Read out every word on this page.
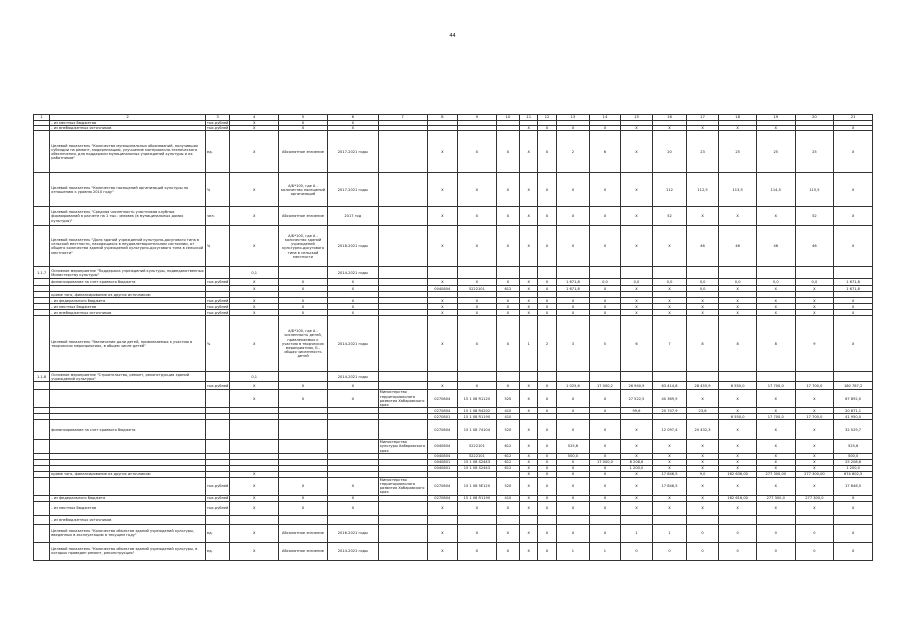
44
1	2	3	4	5	6	7	8	9	10	11	12	13	14	15	16	17	18	19	20	21
	- из местных бюджетов	тыс.рублей	Х	Х	Х															
	- из внебюджетных источников	тыс.рублей	Х	Х	Х					Х	Х	Х	Х	Х	Х	Х	Х	Х		Х
	Целевой показатель "Количество муниципальных образований, получивших субсидии на ремонт, модернизацию, улучшение материально-технического обеспечения, для поддержки муниципальных учреждений культуры и их работников"	ед.	Х	Абсолютное значение	2017-2021 годы		Х	Х	Х	Х	Х	2	6	Х	20	23	25	25	25	Х
	Целевой показатель "Количество посещений организаций культуры по отношению к уровню 2010 году"	%	Х	А/Б*100, где А - количество посещений организаций	2017-2021 годы		Х	Х	Х	Х	Х	Х	Х	Х	112	112,5	113,5	114,5	115,5	Х
	Целевой показатель "Средняя численность участников клубных формирований в расчете на 1 тыс. человек (в муниципальных домах культуры)"	чел.	Х	Абсолютное значение	2017 год		Х	Х	Х	Х	Х	Х	Х	Х	52	Х	Х	Х	52	Х
	Целевой показатель "Доля зданий учреждений культурно-досугового типа в сельской местности, находящихся в неудовлетворительном состоянии, от общего количества зданий учреждений культурно-досугового типа в сельской местности"	%	Х	А/Б*100, где А - количество зданий учреждений культурно-досугового типа в сельской местности	2018-2021 годы		Х	Х	Х	Х	Х	Х	Х	Х	Х	46	46	46	46	Х
1.1.7	Основное мероприятие "Поддержка учреждений культуры, подведомственных Министерству культуры"		0,1		2014-2021 годы															
	финансирование за счет краевого бюджета	тыс.рублей	Х	Х	Х		Х	Х	Х	Х	Х	1 671,8	0,0	0,0	0,0	0,0	0,0	0,0	0,0	1 671,8
			Х	Х	Х		0040804	5222101	612	Х	Х	1 671,8	Х	Х	Х	0,0	Х	Х	Х	1 671,8
	кроме того, финансирование из других источников:																			
	- из федерального бюджета	тыс.рублей	Х	Х	Х		Х	Х	Х	Х	Х	Х	Х	Х	Х	Х	Х	Х	Х	Х
	- из местных бюджетов	тыс.рублей	Х	Х	Х		Х	Х	Х	Х	Х	Х	Х	Х	Х	Х	Х	Х	Х	Х
	- из внебюджетных источников	тыс.рублей	Х	Х	Х		Х	Х	Х	Х	Х	Х	Х	Х	Х	Х	Х	Х	Х	Х
	Целевой показатель "Увеличение доли детей, привлекаемых к участию в творческих мероприятиях, в общем числе детей"	%	Х	А/Б*100, где А - численность детей, привлекаемых к участию в творческих мероприятиях, Б - общая численность детей	2014-2021 годы		Х	Х	Х	1	2	3	5	6	7	8	8	8	9	Х
1.1.8	Основное мероприятие "Строительство, ремонт, реконструкция зданий учреждений культуры"		0,1		2014-2021 годы															
		тыс.рублей	Х	Х	Х		Х	Х	Х	Х	Х	1 025,6	17 000,2	26 940,9	63 414,8	28 455,9	6 550,0	17 700,0	17 700,0	180 787,2
			Х	Х	Х	Министерство территориального развития Хабаровского края	0270804	15 1 08 R1120	520	Х	Х	Х	Х	27 522,5	40 369,5	Х	Х	Х	Х	67 892,0
							0270804	15 1 08 R4202	410	Х	Х	Х	Х	99,6	20 747,9	23,6	Х	Х	Х	20 871,1
							0270801	15 1 08 R1190	410								6 550,0	17 700,0	17 700,0	41 950,0
	финансирование за счет краевого бюджета						0270804	15 1 08 74104	520	Х	Х	Х	Х	Х	12 097,4	20 432,3	Х	Х	Х	32 529,7
						Министерство культуры Хабаровского края	0040804	5222101	612	Х	Х	525,6	Х	Х	Х	Х	Х	Х	Х	525,6
							0040804	5222101	612	Х	Х	500,0	Х	Х	Х	Х	Х	Х	Х	500,0
							0040801	15 1 08 S2443	612	Х	Х	Х	17 000,0	8 208,6	Х	Х	Х	Х	Х	25 208,6
							0040801	15 1 08 S2443	612	Х	Х	Х	Х	1 200,0	Х	Х	Х	Х	Х	1 200,0
	кроме того, финансирование из других источников:		Х							Х	Х	Х	Х	Х	17 846,5	9,0	162 636,00	277 300,00	277 300,00	674 802,5
		тыс.рублей	Х	Х	Х	Министерство территориального развития Хабаровского края	0270804	15 1 08 5E120	520	Х	Х	Х	Х	Х	17 846,5	Х	Х	Х	Х	17 846,5
	- из федерального бюджета	тыс.рублей	Х	Х	Х		0270804	15 1 08 R1190	410	Х	Х	Х	Х	Х	Х	Х	162 616,00	277 300,0	277 300,0	Х
	- из местных бюджетов	тыс.рублей	Х	Х	Х		Х	Х	Х	Х	Х	Х	Х	Х	Х	Х	Х	Х	Х	Х
	- из внебюджетных источников																			
	Целевой показатель "Количество объектов зданий учреждений культуры, введенных в эксплуатацию в текущем году"	ед.	Х	Абсолютное значение	2016-2021 годы		Х	Х	Х	Х	Х	Х	Х	1	1	0	0	0	0	Х
	Целевой показатель "Количество объектов зданий учреждений культуры, в которых проведен ремонт, реконструкция"	ед.	Х	Абсолютное значение	2014-2021 годы		Х	Х	Х	Х	Х	1	1	0	0	0	0	0	0	Х
